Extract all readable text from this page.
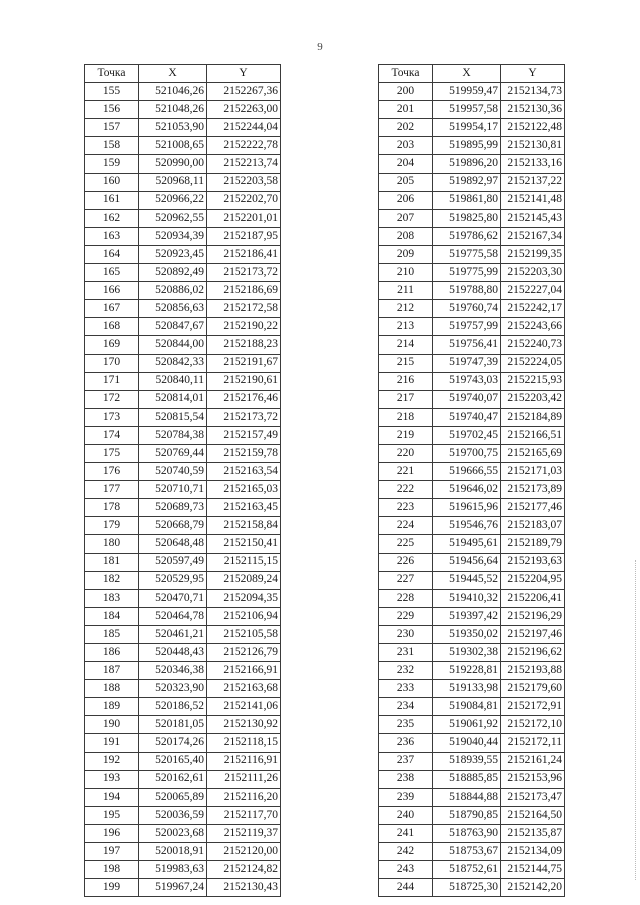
9
Точка	X	Y
155	521046,26	2152267,36
156	521048,26	2152263,00
157	521053,90	2152244,04
158	521008,65	2152222,78
159	520990,00	2152213,74
160	520968,11	2152203,58
161	520966,22	2152202,70
162	520962,55	2152201,01
163	520934,39	2152187,95
164	520923,45	2152186,41
165	520892,49	2152173,72
166	520886,02	2152186,69
167	520856,63	2152172,58
168	520847,67	2152190,22
169	520844,00	2152188,23
170	520842,33	2152191,67
171	520840,11	2152190,61
172	520814,01	2152176,46
173	520815,54	2152173,72
174	520784,38	2152157,49
175	520769,44	2152159,78
176	520740,59	2152163,54
177	520710,71	2152165,03
178	520689,73	2152163,45
179	520668,79	2152158,84
180	520648,48	2152150,41
181	520597,49	2152115,15
182	520529,95	2152089,24
183	520470,71	2152094,35
184	520464,78	2152106,94
185	520461,21	2152105,58
186	520448,43	2152126,79
187	520346,38	2152166,91
188	520323,90	2152163,68
189	520186,52	2152141,06
190	520181,05	2152130,92
191	520174,26	2152118,15
192	520165,40	2152116,91
193	520162,61	2152111,26
194	520065,89	2152116,20
195	520036,59	2152117,70
196	520023,68	2152119,37
197	520018,91	2152120,00
198	519983,63	2152124,82
199	519967,24	2152130,43
Точка	X	Y
200	519959,47	2152134,73
201	519957,58	2152130,36
202	519954,17	2152122,48
203	519895,99	2152130,81
204	519896,20	2152133,16
205	519892,97	2152137,22
206	519861,80	2152141,48
207	519825,80	2152145,43
208	519786,62	2152167,34
209	519775,58	2152199,35
210	519775,99	2152203,30
211	519788,80	2152227,04
212	519760,74	2152242,17
213	519757,99	2152243,66
214	519756,41	2152240,73
215	519747,39	2152224,05
216	519743,03	2152215,93
217	519740,07	2152203,42
218	519740,47	2152184,89
219	519702,45	2152166,51
220	519700,75	2152165,69
221	519666,55	2152171,03
222	519646,02	2152173,89
223	519615,96	2152177,46
224	519546,76	2152183,07
225	519495,61	2152189,79
226	519456,64	2152193,63
227	519445,52	2152204,95
228	519410,32	2152206,41
229	519397,42	2152196,29
230	519350,02	2152197,46
231	519302,38	2152196,62
232	519228,81	2152193,88
233	519133,98	2152179,60
234	519084,81	2152172,91
235	519061,92	2152172,10
236	519040,44	2152172,11
237	518939,55	2152161,24
238	518885,85	2152153,96
239	518844,88	2152173,47
240	518790,85	2152164,50
241	518763,90	2152135,87
242	518753,67	2152134,09
243	518752,61	2152144,75
244	518725,30	2152142,20
